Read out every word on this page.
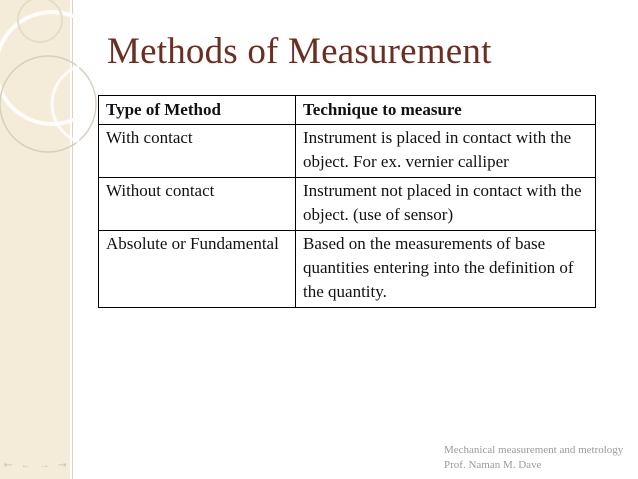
Methods of Measurement
Type of Method	Technique to measure
With contact	Instrument is placed in contact with the object. For ex. vernier calliper
Without contact	Instrument not placed in contact with the object. (use of sensor)
Absolute or Fundamental	Based on the measurements of base quantities entering into the definition of the quantity.
Mechanical measurement and metrology
Prof. Naman M. Dave
⇤ ← → ⇥
